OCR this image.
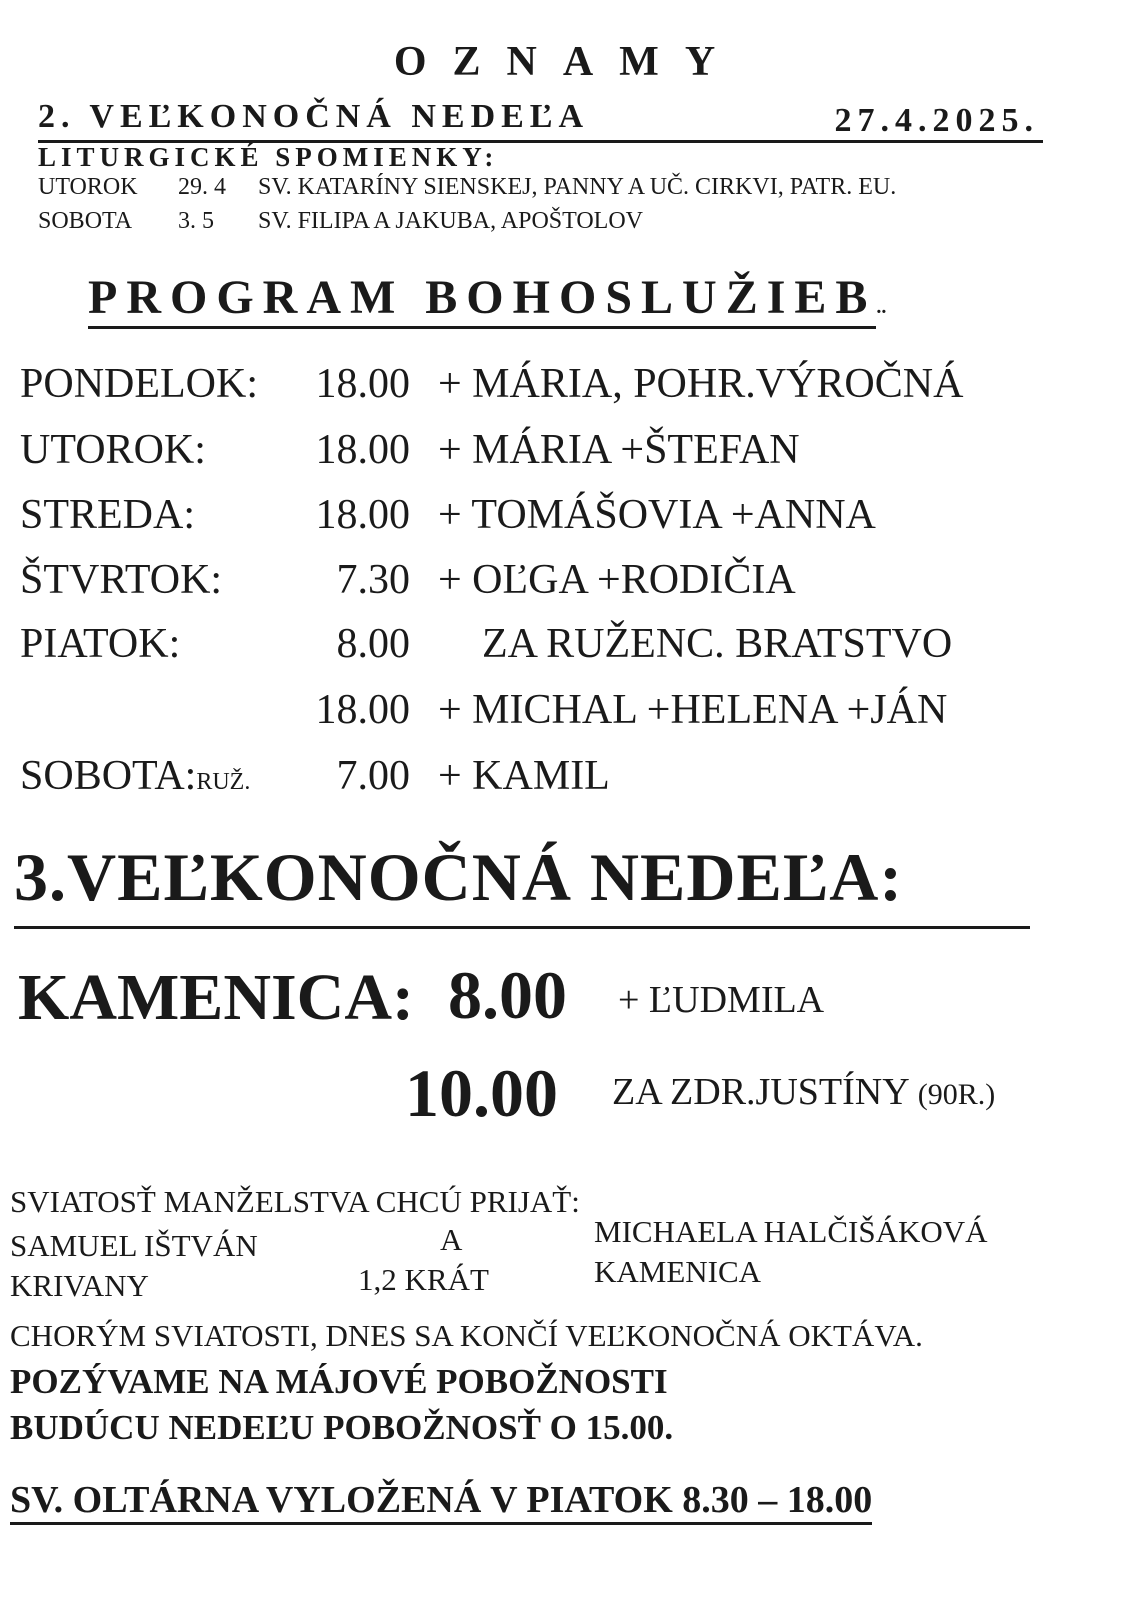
OZNAMY
2. VEĽKONOČNÁ NEDEĽA	27.4.2025.
LITURGICKÉ SPOMIENKY:
UTOROK 29. 4 SV. KATARÍNY SIENSKEJ, PANNY A UČ. CIRKVI, PATR. EU.
SOBOTA 3. 5 SV. FILIPA A JAKUBA, APOŠTOLOV
PROGRAM BOHOSLUŽIEB..
PONDELOK:	18.00 + MÁRIA, POHR.VÝROČNÁ
UTOROK:	18.00 + MÁRIA +ŠTEFAN
STREDA:	18.00 + TOMÁŠOVIA +ANNA
ŠTVRTOK:	7.30 + OĽGA +RODIČIA
PIATOK:	8.00 ZA RUŽENC. BRATSTVO
18.00 + MICHAL +HELENA +JÁN
SOBOTA:RUŽ.	7.00 + KAMIL
3.VEĽKONOČNÁ NEDEĽA:
KAMENICA: 8.00 + ĽUDMILA
10.00 ZA ZDR.JUSTÍNY (90R.)
SVIATOSŤ MANŽELSTVA CHCÚ PRIJAŤ:
SAMUEL IŠTVÁN	A	MICHAELA HALČIŠÁKOVÁ
KRIVANY	1,2 KRÁT	KAMENICA
CHORÝM SVIATOSTI, DNES SA KONČÍ VEĽKONOČNÁ OKTÁVA.
POZÝVAME NA MÁJOVÉ POBOŽNOSTI
BUDÚCU NEDEĽU POBOŽNOSŤ O 15.00.
SV. OLTÁRNA VYLOŽENÁ V PIATOK 8.30 – 18.00
